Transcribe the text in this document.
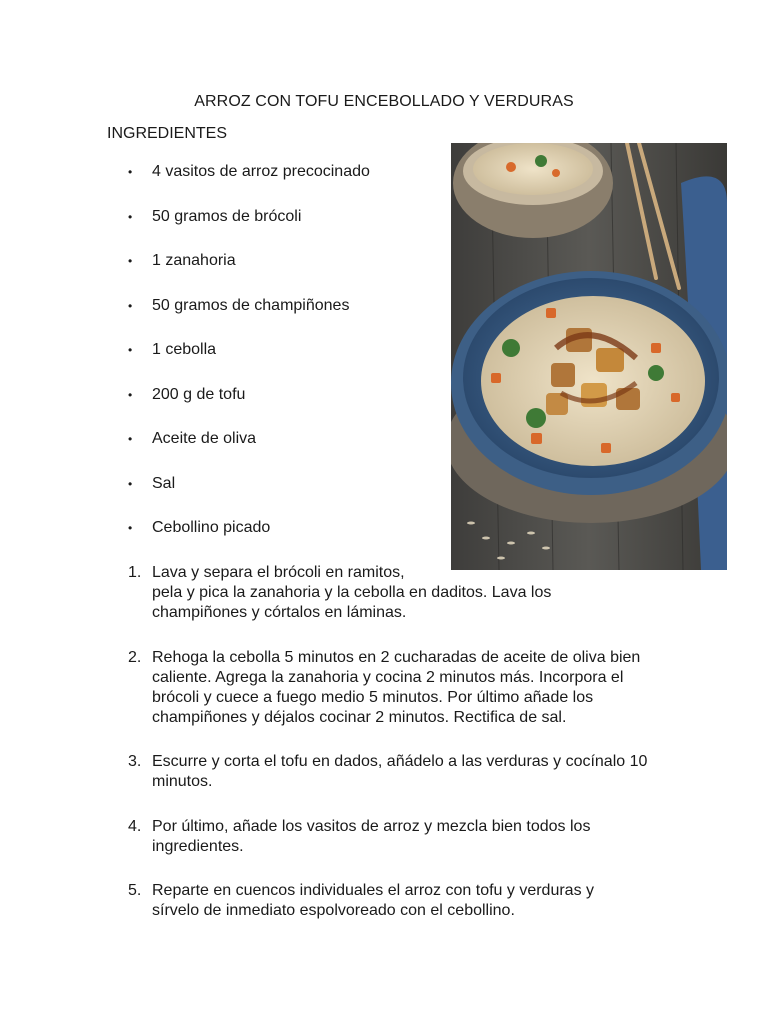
ARROZ CON TOFU ENCEBOLLADO Y VERDURAS
INGREDIENTES
• 4 vasitos de arroz precocinado
• 50 gramos de brócoli
• 1 zanahoria
• 50 gramos de champiñones
• 1 cebolla
• 200 g de tofu
• Aceite de oliva
• Sal
• Cebollino picado
1. Lava y separa el brócoli en ramitos,
pela y pica la zanahoria y la cebolla en daditos. Lava los champiñones y córtalos en láminas.
2. Rehoga la cebolla 5 minutos en 2 cucharadas de aceite de oliva bien caliente. Agrega la zanahoria y cocina 2 minutos más. Incorpora el brócoli y cuece a fuego medio 5 minutos. Por último añade los champiñones y déjalos cocinar 2 minutos. Rectifica de sal.
3. Escurre y corta el tofu en dados, añádelo a las verduras y cocínalo 10 minutos.
4. Por último, añade los vasitos de arroz y mezcla bien todos los ingredientes.
5. Reparte en cuencos individuales el arroz con tofu y verduras y sírvelo de inmediato espolvoreado con el cebollino.
